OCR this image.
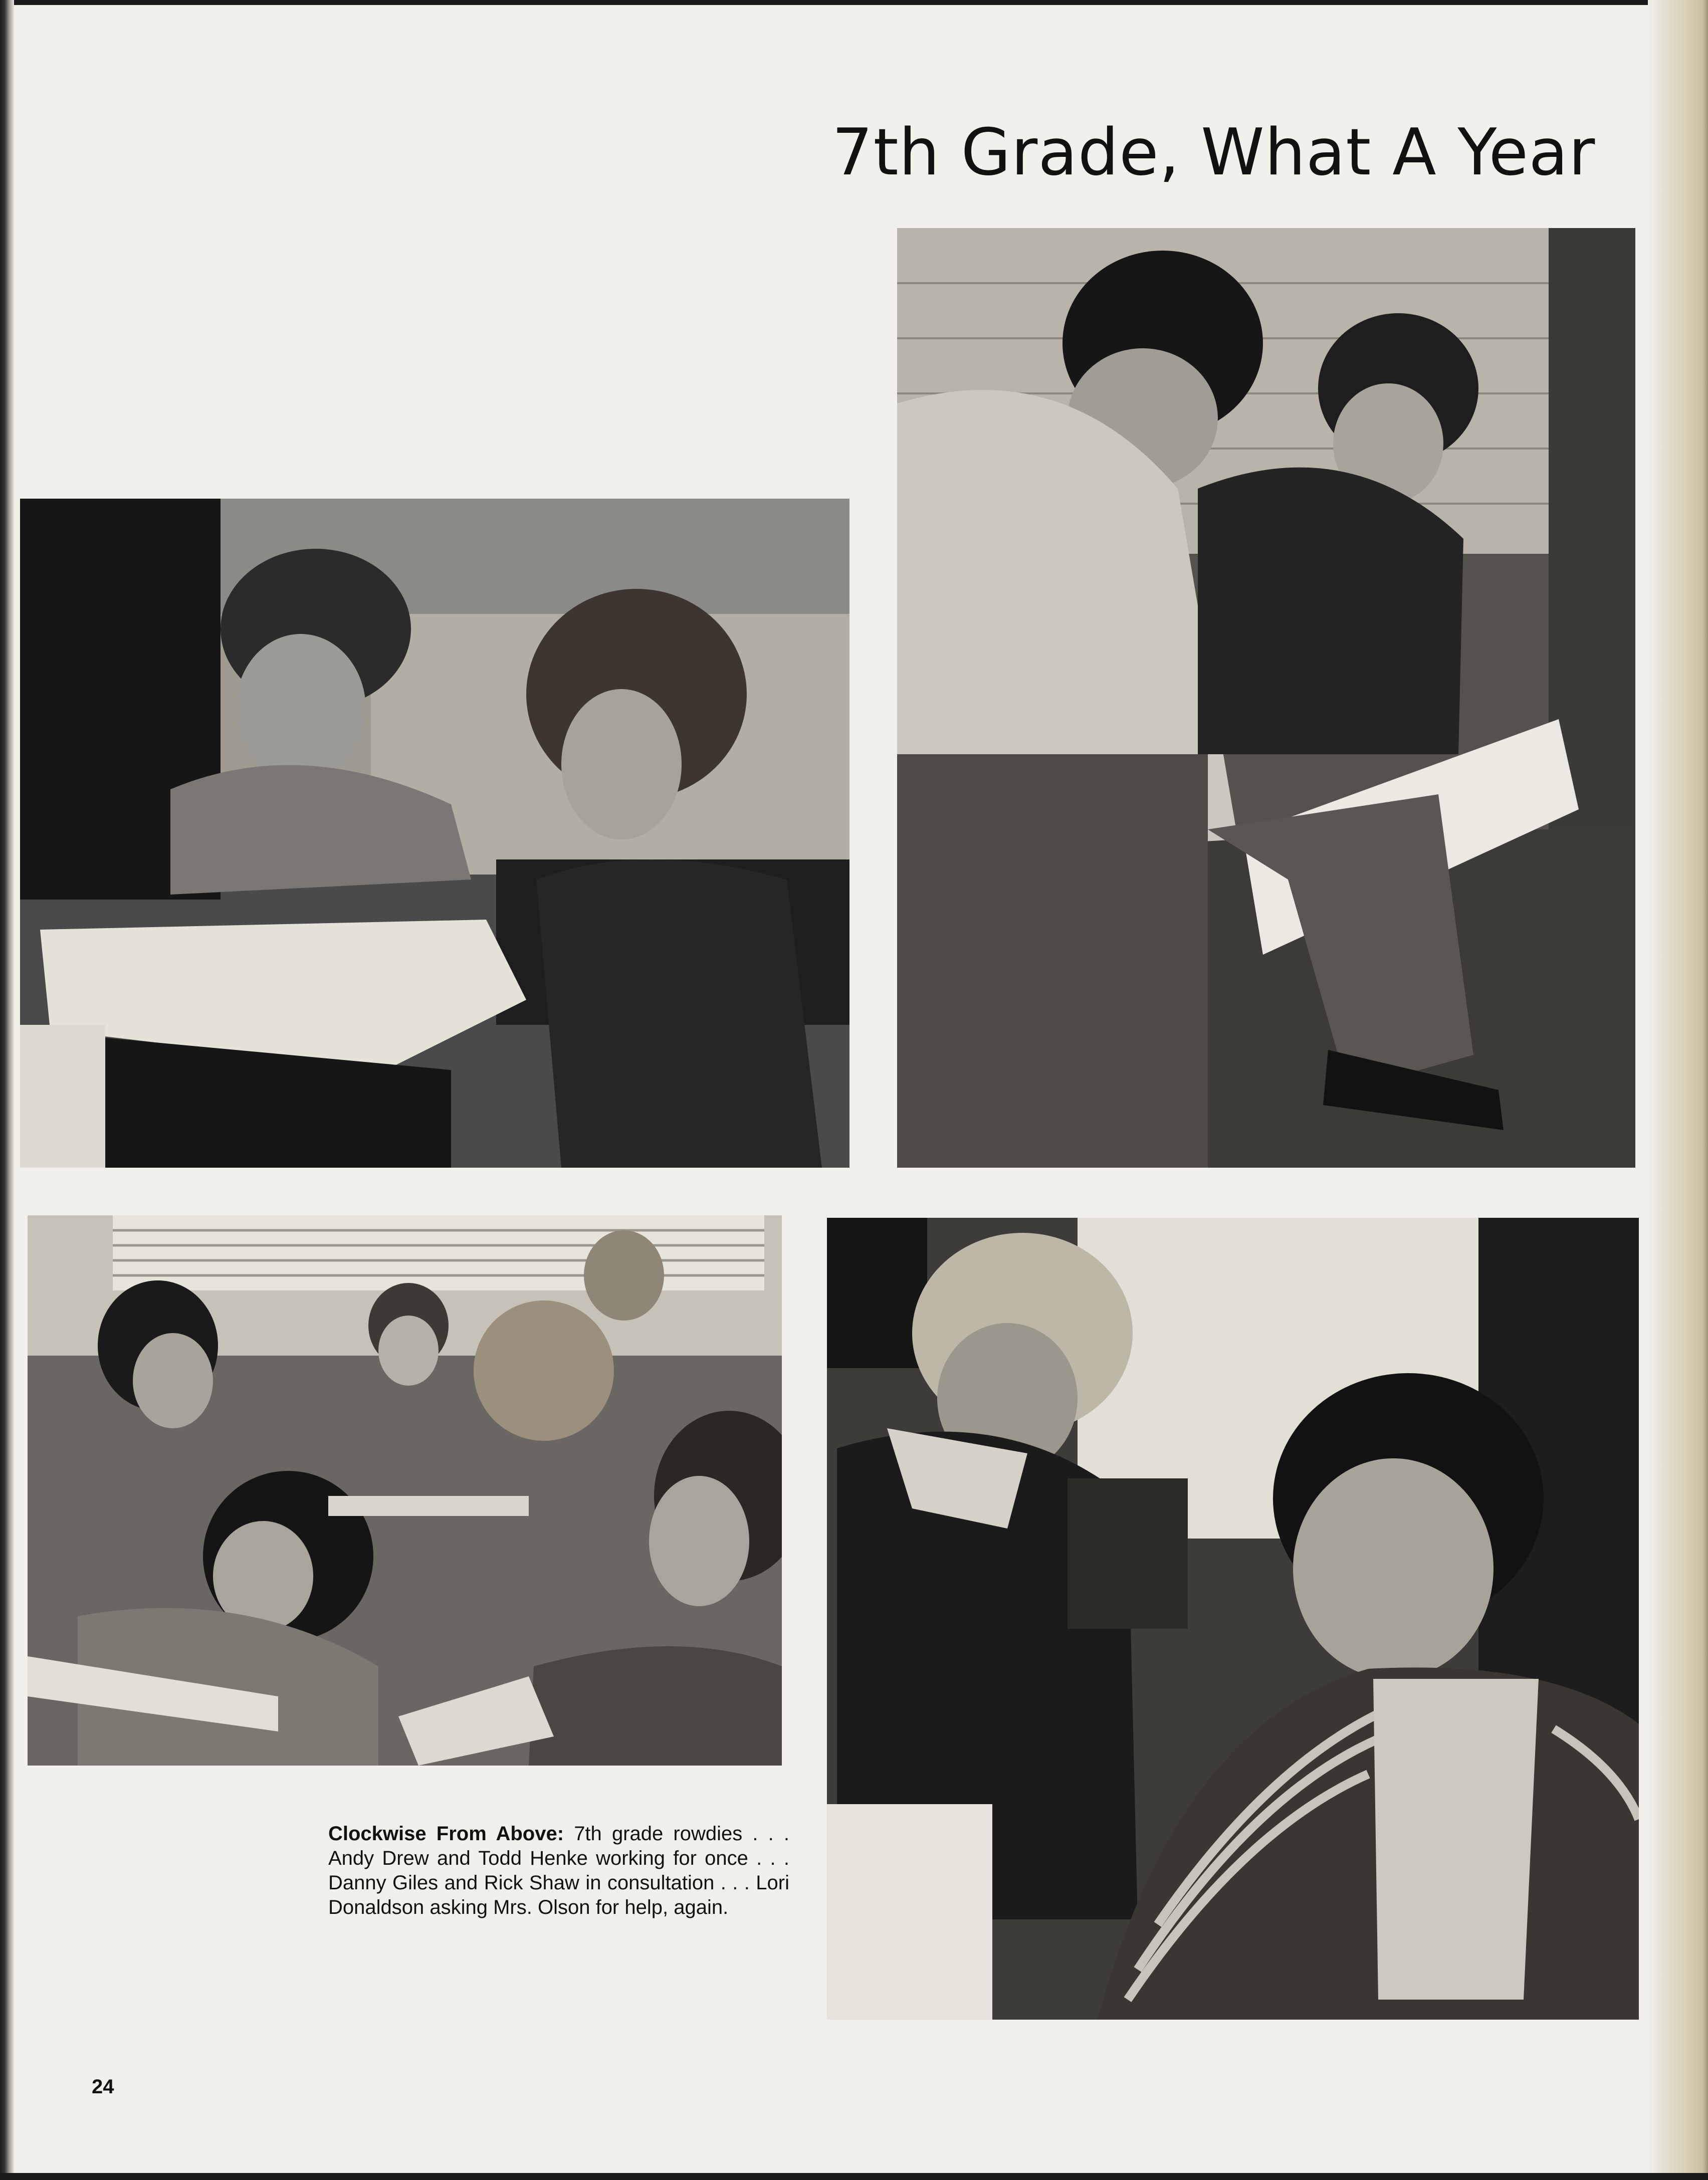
7th Grade, What A Year
Clockwise From Above: 7th grade rowdies . . . Andy Drew and Todd Henke working for once . . . Danny Giles and Rick Shaw in consultation . . . Lori Donaldson asking Mrs. Olson for help, again.
24
